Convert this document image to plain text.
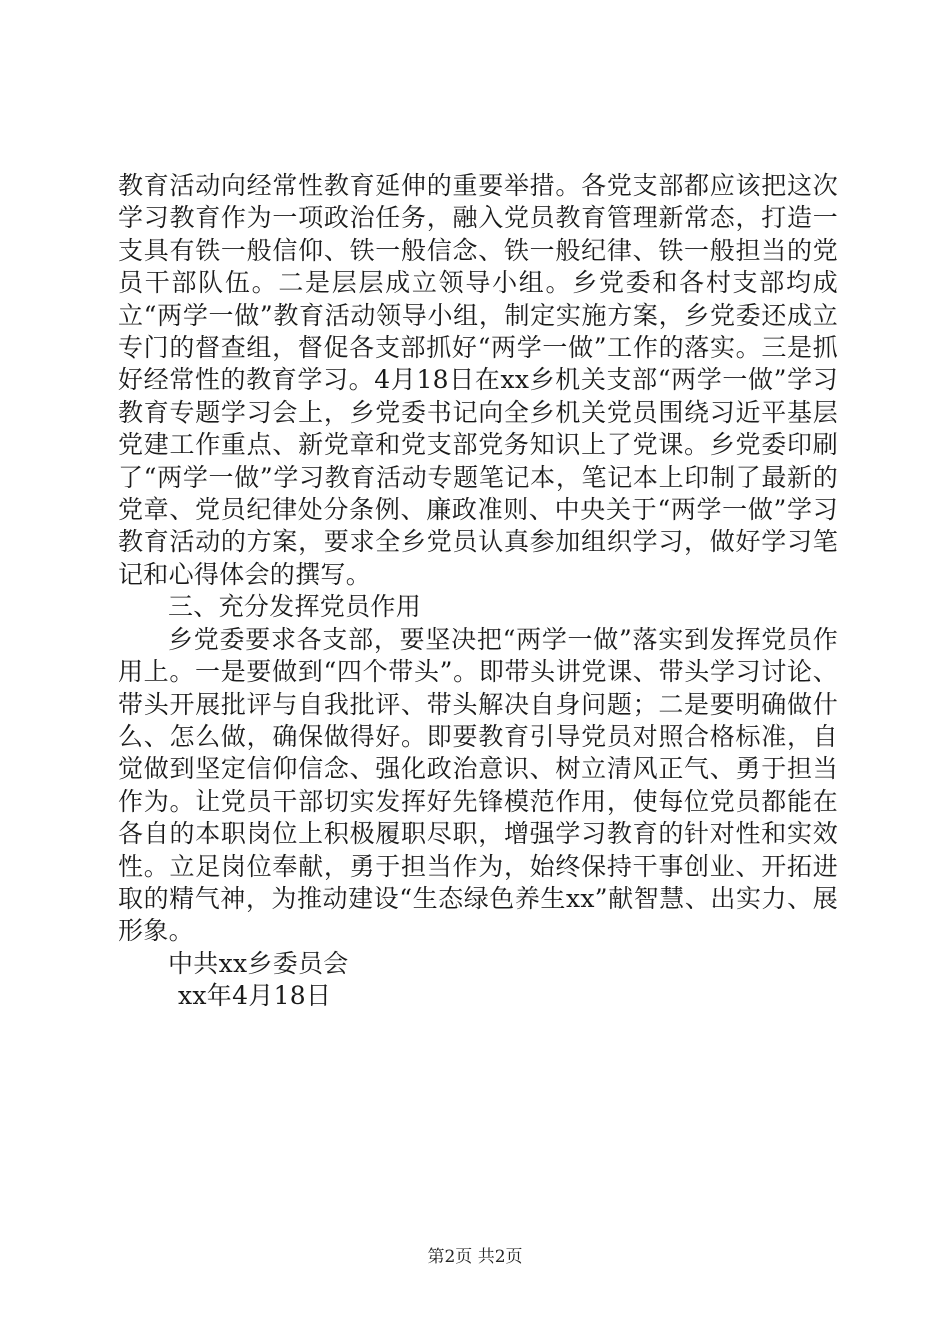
教育活动向经常性教育延伸的重要举措。各党支部都应该把这次学习教育作为一项政治任务，融入党员教育管理新常态，打造一支具有铁一般信仰、铁一般信念、铁一般纪律、铁一般担当的党员干部队伍。二是层层成立领导小组。乡党委和各村支部均成立“两学一做”教育活动领导小组，制定实施方案，乡党委还成立专门的督查组，督促各支部抓好“两学一做”工作的落实。三是抓好经常性的教育学习。4月18日在xx乡机关支部“两学一做”学习教育专题学习会上，乡党委书记向全乡机关党员围绕习近平基层党建工作重点、新党章和党支部党务知识上了党课。乡党委印刷了“两学一做”学习教育活动专题笔记本，笔记本上印制了最新的党章、党员纪律处分条例、廉政准则、中央关于“两学一做”学习教育活动的方案，要求全乡党员认真参加组织学习，做好学习笔记和心得体会的撰写。

三、充分发挥党员作用

乡党委要求各支部，要坚决把“两学一做”落实到发挥党员作用上。一是要做到“四个带头”。即带头讲党课、带头学习讨论、带头开展批评与自我批评、带头解决自身问题；二是要明确做什么、怎么做，确保做得好。即要教育引导党员对照合格标准，自觉做到坚定信仰信念、强化政治意识、树立清风正气、勇于担当作为。让党员干部切实发挥好先锋模范作用，使每位党员都能在各自的本职岗位上积极履职尽职，增强学习教育的针对性和实效性。立足岗位奉献，勇于担当作为，始终保持干事创业、开拓进取的精气神，为推动建设“生态绿色养生xx”献智慧、出实力、展形象。

中共xx乡委员会

xx年4月18日

第2页 共2页
